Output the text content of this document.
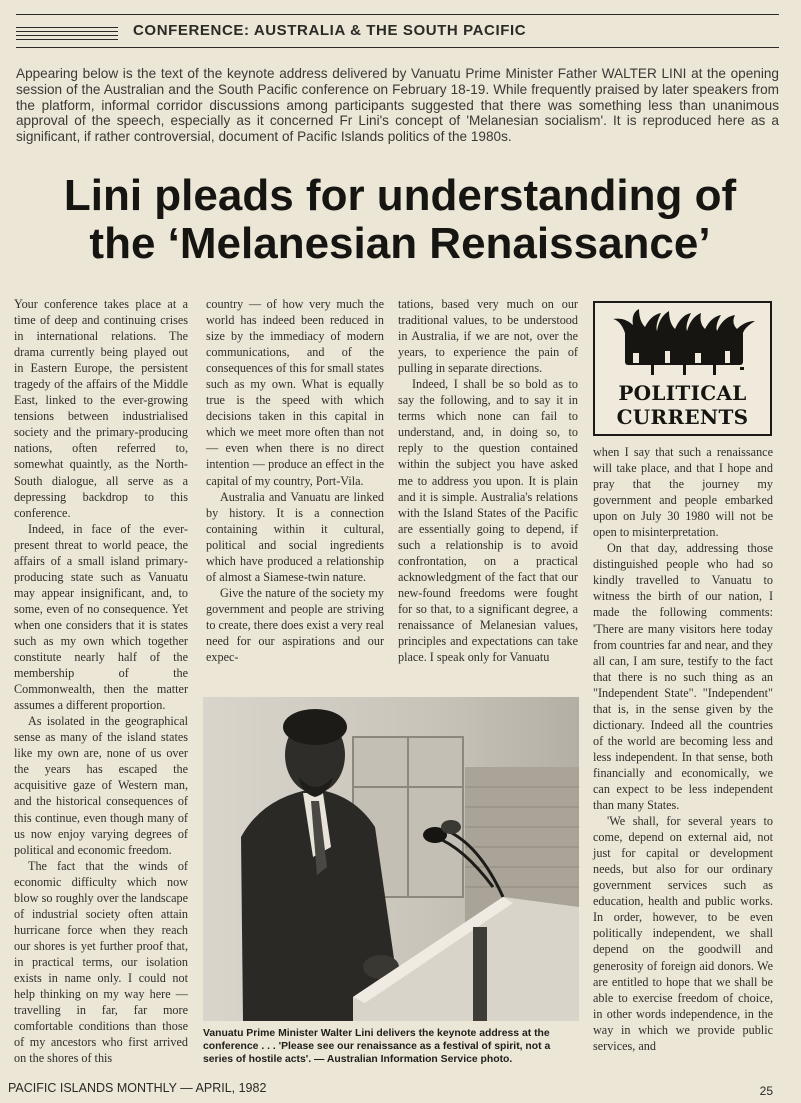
CONFERENCE: AUSTRALIA & THE SOUTH PACIFIC
Appearing below is the text of the keynote address delivered by Vanuatu Prime Minister Father WALTER LINI at the opening session of the Australian and the South Pacific conference on February 18-19. While frequently praised by later speakers from the platform, informal corridor discussions among participants suggested that there was something less than unanimous approval of the speech, especially as it concerned Fr Lini's concept of 'Melanesian socialism'. It is reproduced here as a significant, if rather controversial, document of Pacific Islands politics of the 1980s.
Lini pleads for understanding of
the ‘Melanesian Renaissance’

Your conference takes place at a time of deep and continuing crises in international relations. The drama currently being played out in Eastern Europe, the persistent tragedy of the affairs of the Middle East, linked to the ever-growing tensions between industrialised society and the primary-producing nations, often referred to, somewhat quaintly, as the North-South dialogue, all serve as a depressing backdrop to this conference.

Indeed, in face of the ever-present threat to world peace, the affairs of a small island primary-producing state such as Vanuatu may appear insignificant, and, to some, even of no consequence. Yet when one considers that it is states such as my own which together constitute nearly half of the membership of the Commonwealth, then the matter assumes a different proportion.

As isolated in the geographical sense as many of the island states like my own are, none of us over the years has escaped the acquisitive gaze of Western man, and the historical consequences of this continue, even though many of us now enjoy varying degrees of political and economic freedom.

The fact that the winds of economic difficulty which now blow so roughly over the landscape of industrial society often attain hurricane force when they reach our shores is yet further proof that, in practical terms, our isolation exists in name only. I could not help thinking on my way here — travelling in far, far more comfortable conditions than those of my ancestors who first arrived on the shores of this

country — of how very much the world has indeed been reduced in size by the immediacy of modern communications, and of the consequences of this for small states such as my own. What is equally true is the speed with which decisions taken in this capital in which we meet more often than not — even when there is no direct intention — produce an effect in the capital of my country, Port-Vila.

Australia and Vanuatu are linked by history. It is a connection containing within it cultural, political and social ingredients which have produced a relationship of almost a Siamese-twin nature.

Give the nature of the society my government and people are striving to create, there does exist a very real need for our aspirations and our expec-

tations, based very much on our traditional values, to be understood in Australia, if we are not, over the years, to experience the pain of pulling in separate directions.

Indeed, I shall be so bold as to say the following, and to say it in terms which none can fail to understand, and, in doing so, to reply to the question contained within the subject you have asked me to address you upon. It is plain and it is simple. Australia's relations with the Island States of the Pacific are essentially going to depend, if such a relationship is to avoid confrontation, on a practical acknowledgment of the fact that our new-found freedoms were fought for so that, to a significant degree, a renaissance of Melanesian values, principles and expectations can take place. I speak only for Vanuatu

POLITICAL
CURRENTS

when I say that such a renaissance will take place, and that I hope and pray that the journey my government and people embarked upon on July 30 1980 will not be open to misinterpretation.

On that day, addressing those distinguished people who had so kindly travelled to Vanuatu to witness the birth of our nation, I made the following comments: 'There are many visitors here today from countries far and near, and they all can, I am sure, testify to the fact that there is no such thing as an "Independent State". "Independent" that is, in the sense given by the dictionary. Indeed all the countries of the world are becoming less and less independent. In that sense, both financially and economically, we can expect to be less independent than many States.

'We shall, for several years to come, depend on external aid, not just for capital or development needs, but also for our ordinary government services such as education, health and public works. In order, however, to be even politically independent, we shall depend on the goodwill and generosity of foreign aid donors. We are entitled to hope that we shall be able to exercise freedom of choice, in other words independence, in the way in which we provide public services, and

Vanuatu Prime Minister Walter Lini delivers the keynote address at the conference . . . 'Please see our renaissance as a festival of spirit, not a series of hostile acts'. — Australian Information Service photo.
PACIFIC ISLANDS MONTHLY — APRIL, 1982	25
